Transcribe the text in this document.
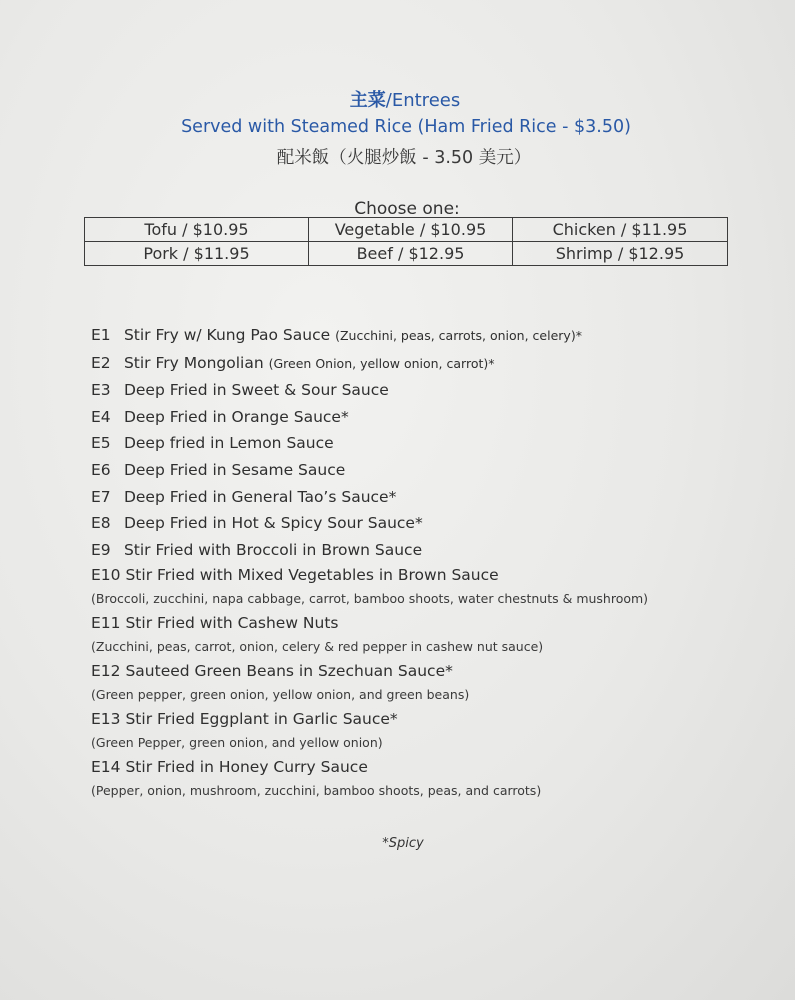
主菜/Entrees
Served with Steamed Rice (Ham Fried Rice - $3.50)
配米飯（火腿炒飯 - 3.50 美元）
Choose one:
Tofu / $10.95	Vegetable / $10.95	Chicken / $11.95
Pork / $11.95	Beef / $12.95	Shrimp / $12.95
E1 Stir Fry w/ Kung Pao Sauce (Zucchini, peas, carrots, onion, celery)*
E2 Stir Fry Mongolian (Green Onion, yellow onion, carrot)*
E3 Deep Fried in Sweet & Sour Sauce
E4 Deep Fried in Orange Sauce*
E5 Deep fried in Lemon Sauce
E6 Deep Fried in Sesame Sauce
E7 Deep Fried in General Tao’s Sauce*
E8 Deep Fried in Hot & Spicy Sour Sauce*
E9 Stir Fried with Broccoli in Brown Sauce
E10 Stir Fried with Mixed Vegetables in Brown Sauce
(Broccoli, zucchini, napa cabbage, carrot, bamboo shoots, water chestnuts & mushroom)
E11 Stir Fried with Cashew Nuts
(Zucchini, peas, carrot, onion, celery & red pepper in cashew nut sauce)
E12 Sauteed Green Beans in Szechuan Sauce*
(Green pepper, green onion, yellow onion, and green beans)
E13 Stir Fried Eggplant in Garlic Sauce*
(Green Pepper, green onion, and yellow onion)
E14 Stir Fried in Honey Curry Sauce
(Pepper, onion, mushroom, zucchini, bamboo shoots, peas, and carrots)
*Spicy
